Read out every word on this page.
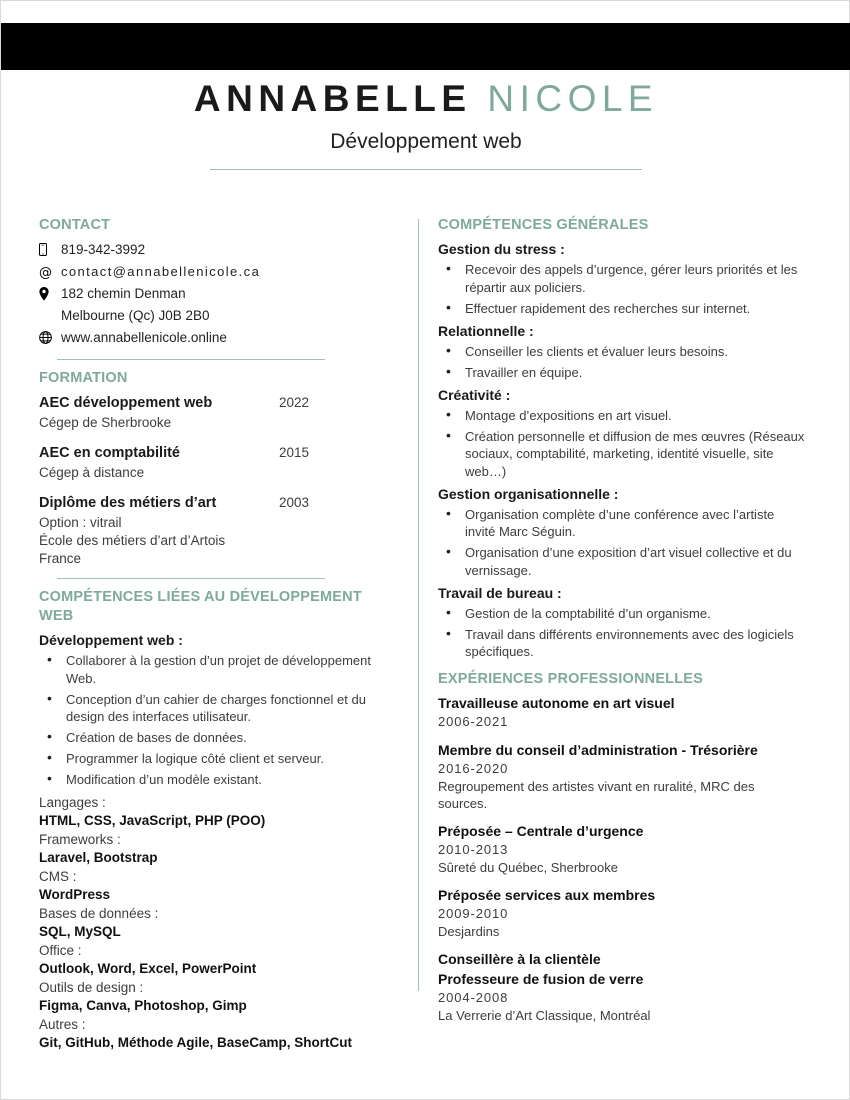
ANNABELLE NICOLE
Développement web
CONTACT
819-342-3992
@ contact@annabellenicole.ca
182 chemin Denman
Melbourne (Qc) J0B 2B0
www.annabellenicole.online
FORMATION
AEC développement web	2022
Cégep de Sherbrooke
AEC en comptabilité	2015
Cégep à distance
Diplôme des métiers d’art	2003
Option : vitrail
École des métiers d’art d’Artois
France
COMPÉTENCES LIÉES AU DÉVELOPPEMENT WEB
Développement web :
• Collaborer à la gestion d’un projet de développement Web.
• Conception d’un cahier de charges fonctionnel et du design des interfaces utilisateur.
• Création de bases de données.
• Programmer la logique côté client et serveur.
• Modification d’un modèle existant.
Langages :
HTML, CSS, JavaScript, PHP (POO)
Frameworks :
Laravel, Bootstrap
CMS :
WordPress
Bases de données :
SQL, MySQL
Office :
Outlook, Word, Excel, PowerPoint
Outils de design :
Figma, Canva, Photoshop, Gimp
Autres :
Git, GitHub, Méthode Agile, BaseCamp, ShortCut
COMPÉTENCES GÉNÉRALES
Gestion du stress :
• Recevoir des appels d’urgence, gérer leurs priorités et les répartir aux policiers.
• Effectuer rapidement des recherches sur internet.
Relationnelle :
• Conseiller les clients et évaluer leurs besoins.
• Travailler en équipe.
Créativité :
• Montage d’expositions en art visuel.
• Création personnelle et diffusion de mes œuvres (Réseaux sociaux, comptabilité, marketing, identité visuelle, site web…)
Gestion organisationnelle :
• Organisation complète d’une conférence avec l’artiste invité Marc Séguin.
• Organisation d’une exposition d’art visuel collective et du vernissage.
Travail de bureau :
• Gestion de la comptabilité d’un organisme.
• Travail dans différents environnements avec des logiciels spécifiques.
EXPÉRIENCES PROFESSIONNELLES
Travailleuse autonome en art visuel
2006-2021
Membre du conseil d’administration - Trésorière
2016-2020
Regroupement des artistes vivant en ruralité, MRC des sources.
Préposée – Centrale d’urgence
2010-2013
Sûreté du Québec, Sherbrooke
Préposée services aux membres
2009-2010
Desjardins
Conseillère à la clientèle
Professeure de fusion de verre
2004-2008
La Verrerie d’Art Classique, Montréal
